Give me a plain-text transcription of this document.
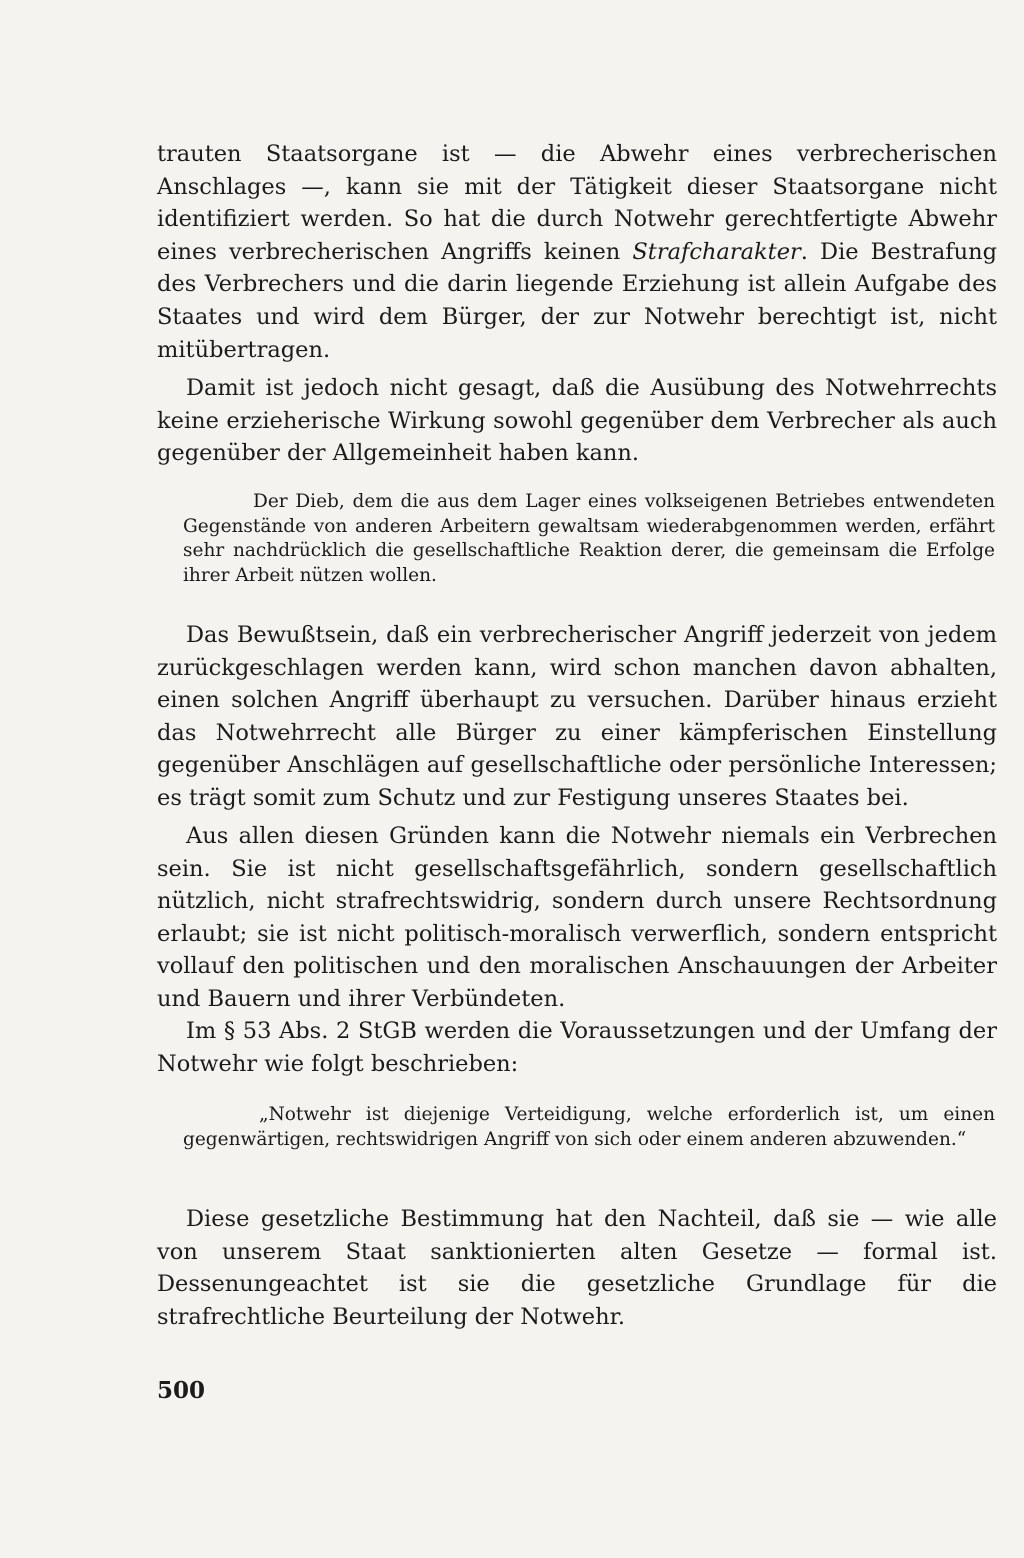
trauten Staatsorgane ist — die Abwehr eines verbrecherischen Anschlages —, kann sie mit der Tätigkeit dieser Staatsorgane nicht identifiziert werden. So hat die durch Notwehr gerechtfertigte Abwehr eines verbrecherischen Angriffs keinen Strafcharakter. Die Bestrafung des Verbrechers und die darin liegende Erziehung ist allein Aufgabe des Staates und wird dem Bürger, der zur Notwehr berechtigt ist, nicht mitübertragen.

Damit ist jedoch nicht gesagt, daß die Ausübung des Notwehrrechts keine erzieherische Wirkung sowohl gegenüber dem Verbrecher als auch gegenüber der Allgemeinheit haben kann.

Der Dieb, dem die aus dem Lager eines volkseigenen Betriebes entwendeten Gegenstände von anderen Arbeitern gewaltsam wiederabgenommen werden, erfährt sehr nachdrücklich die gesellschaftliche Reaktion derer, die gemeinsam die Erfolge ihrer Arbeit nützen wollen.

Das Bewußtsein, daß ein verbrecherischer Angriff jederzeit von jedem zurückgeschlagen werden kann, wird schon manchen davon abhalten, einen solchen Angriff überhaupt zu versuchen. Darüber hinaus erzieht das Notwehrrecht alle Bürger zu einer kämpferischen Einstellung gegenüber Anschlägen auf gesellschaftliche oder persönliche Interessen; es trägt somit zum Schutz und zur Festigung unseres Staates bei.

Aus allen diesen Gründen kann die Notwehr niemals ein Verbrechen sein. Sie ist nicht gesellschaftsgefährlich, sondern gesellschaftlich nützlich, nicht strafrechtswidrig, sondern durch unsere Rechtsordnung erlaubt; sie ist nicht politisch-moralisch verwerflich, sondern entspricht vollauf den politischen und den moralischen Anschauungen der Arbeiter und Bauern und ihrer Verbündeten.

Im § 53 Abs. 2 StGB werden die Voraussetzungen und der Umfang der Notwehr wie folgt beschrieben:

„Notwehr ist diejenige Verteidigung, welche erforderlich ist, um einen gegenwärtigen, rechtswidrigen Angriff von sich oder einem anderen abzuwenden.“

Diese gesetzliche Bestimmung hat den Nachteil, daß sie — wie alle von unserem Staat sanktionierten alten Gesetze — formal ist. Dessenungeachtet ist sie die gesetzliche Grundlage für die strafrechtliche Beurteilung der Notwehr.

500
